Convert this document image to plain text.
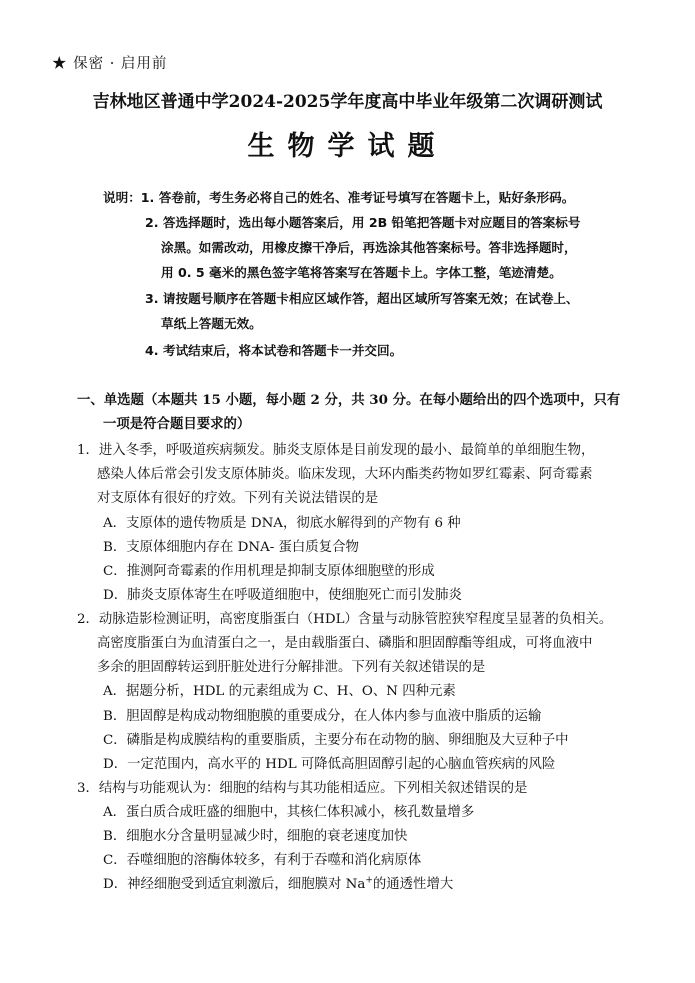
★ 保密 · 启用前
吉林地区普通中学2024-2025学年度高中毕业年级第二次调研测试
生物学试题
说明：1. 答卷前，考生务必将自己的姓名、准考证号填写在答题卡上，贴好条形码。
2. 答选择题时，选出每小题答案后，用 2B 铅笔把答题卡对应题目的答案标号
涂黑。如需改动，用橡皮擦干净后，再选涂其他答案标号。答非选择题时，
用 0. 5 毫米的黑色签字笔将答案写在答题卡上。字体工整，笔迹清楚。
3. 请按题号顺序在答题卡相应区域作答，超出区域所写答案无效；在试卷上、
草纸上答题无效。
4. 考试结束后，将本试卷和答题卡一并交回。
一、单选题（本题共 15 小题，每小题 2 分，共 30 分。在每小题给出的四个选项中，只有
一项是符合题目要求的）
1．进入冬季，呼吸道疾病频发。肺炎支原体是目前发现的最小、最简单的单细胞生物，
感染人体后常会引发支原体肺炎。临床发现，大环内酯类药物如罗红霉素、阿奇霉素
对支原体有很好的疗效。下列有关说法错误的是
A．支原体的遗传物质是 DNA，彻底水解得到的产物有 6 种
B．支原体细胞内存在 DNA- 蛋白质复合物
C．推测阿奇霉素的作用机理是抑制支原体细胞壁的形成
D．肺炎支原体寄生在呼吸道细胞中，使细胞死亡而引发肺炎
2．动脉造影检测证明，高密度脂蛋白（HDL）含量与动脉管腔狭窄程度呈显著的负相关。
高密度脂蛋白为血清蛋白之一，是由载脂蛋白、磷脂和胆固醇酯等组成，可将血液中
多余的胆固醇转运到肝脏处进行分解排泄。下列有关叙述错误的是
A．据题分析，HDL 的元素组成为 C、H、O、N 四种元素
B．胆固醇是构成动物细胞膜的重要成分，在人体内参与血液中脂质的运输
C．磷脂是构成膜结构的重要脂质，主要分布在动物的脑、卵细胞及大豆种子中
D．一定范围内，高水平的 HDL 可降低高胆固醇引起的心脑血管疾病的风险
3．结构与功能观认为：细胞的结构与其功能相适应。下列相关叙述错误的是
A．蛋白质合成旺盛的细胞中，其核仁体积减小，核孔数量增多
B．细胞水分含量明显减少时，细胞的衰老速度加快
C．吞噬细胞的溶酶体较多，有利于吞噬和消化病原体
D．神经细胞受到适宜刺激后，细胞膜对 Na+的通透性增大
